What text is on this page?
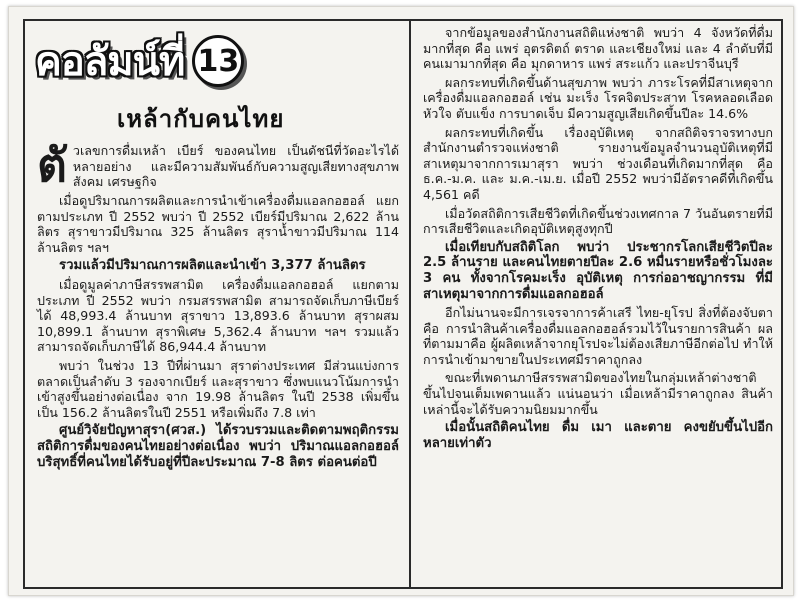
คอลัมน์ที่ 13
เหล้ากับคนไทย
ตั วเลขการดื่มเหล้า เบียร์ ของคนไทย เป็นดัชนีที่วัดอะไรได้หลายอย่าง และมีความสัมพันธ์กับความสูญเสียทางสุขภาพ สังคม เศรษฐกิจ

เมื่อดูปริมาณการผลิตและการนำเข้าเครื่องดื่มแอลกอฮอล์ แยกตามประเภท ปี 2552 พบว่า ปี 2552 เบียร์มีปริมาณ 2,622 ล้านลิตร สุราขาวมีปริมาณ 325 ล้านลิตร สุราน้ำขาวมีปริมาณ 114 ล้านลิตร ฯลฯ

รวมแล้วมีปริมาณการผลิตและนำเข้า 3,377 ล้านลิตร

เมื่อดูมูลค่าภาษีสรรพสามิต เครื่องดื่มแอลกอฮอล์ แยกตามประเภท ปี 2552 พบว่า กรมสรรพสามิต สามารถจัดเก็บภาษีเบียร์ ได้ 48,993.4 ล้านบาท สุราขาว 13,893.6 ล้านบาท สุราผสม 10,899.1 ล้านบาท สุราพิเศษ 5,362.4 ล้านบาท ฯลฯ รวมแล้วสามารถจัดเก็บภาษีได้ 86,944.4 ล้านบาท

พบว่า ในช่วง 13 ปีที่ผ่านมา สุราต่างประเทศ มีส่วนแบ่งการตลาดเป็นลำดับ 3 รองจากเบียร์ และสุราขาว ซึ่งพบแนวโน้มการนำเข้าสูงขึ้นอย่างต่อเนื่อง จาก 19.98 ล้านลิตร ในปี 2538 เพิ่มขึ้นเป็น 156.2 ล้านลิตรในปี 2551 หรือเพิ่มถึง 7.8 เท่า

ศูนย์วิจัยปัญหาสุรา(ศวส.) ได้รวบรวมและติดตามพฤติกรรมสถิติการดื่มของคนไทยอย่างต่อเนื่อง พบว่า ปริมาณแอลกอฮอล์บริสุทธิ์ที่คนไทยได้รับอยู่ที่ปีละประมาณ 7-8 ลิตร ต่อคนต่อปี

จากข้อมูลของสำนักงานสถิติแห่งชาติ พบว่า 4 จังหวัดที่ดื่มมากที่สุด คือ แพร่ อุตรดิตถ์ ตราด และเชียงใหม่ และ 4 ลำดับที่มีคนเมามากที่สุด คือ มุกดาหาร แพร่ สระแก้ว และปราจีนบุรี

ผลกระทบที่เกิดขึ้นด้านสุขภาพ พบว่า ภาระโรคที่มีสาเหตุจากเครื่องดื่มแอลกอฮอล์ เช่น มะเร็ง โรคจิตประสาท โรคหลอดเลือดหัวใจ ตับแข็ง การบาดเจ็บ มีความสูญเสียเกิดขึ้นปีละ 14.6%

ผลกระทบที่เกิดขึ้น เรื่องอุบัติเหตุ จากสถิติจราจรทางบก สำนักงานตำรวจแห่งชาติ รายงานข้อมูลจำนวนอุบัติเหตุที่มีสาเหตุมาจากการเมาสุรา พบว่า ช่วงเดือนที่เกิดมากที่สุด คือ ธ.ค.-ม.ค. และ ม.ค.-เม.ย. เมื่อปี 2552 พบว่ามีอัตราคดีที่เกิดขึ้น 4,561 คดี

เมื่อวัดสถิติการเสียชีวิตที่เกิดขึ้นช่วงเทศกาล 7 วันอันตรายที่มีการเสียชีวิตและเกิดอุบัติเหตุสูงทุกปี

เมื่อเทียบกับสถิติโลก พบว่า ประชากรโลกเสียชีวิตปีละ 2.5 ล้านราย และคนไทยตายปีละ 2.6 หมื่นรายหรือชั่วโมงละ 3 คน ทั้งจากโรคมะเร็ง อุบัติเหตุ การก่ออาชญากรรม ที่มีสาเหตุมาจากการดื่มแอลกอฮอล์

อีกไม่นานจะมีการเจรจาการค้าเสรี ไทย-ยุโรป สิ่งที่ต้องจับตาคือ การนำสินค้าเครื่องดื่มแอลกอฮอล์รวมไว้ในรายการสินค้า ผลที่ตามมาคือ ผู้ผลิตเหล้าจากยุโรปจะไม่ต้องเสียภาษีอีกต่อไป ทำให้การนำเข้ามาขายในประเทศมีราคาถูกลง

ขณะที่เพดานภาษีสรรพสามิตของไทยในกลุ่มเหล้าต่างชาติ ขึ้นไปจนเต็มเพดานแล้ว แน่นอนว่า เมื่อเหล้ามีราคาถูกลง สินค้าเหล่านี้จะได้รับความนิยมมากขึ้น

เมื่อนั้นสถิติคนไทย ดื่ม เมา และตาย คงขยับขึ้นไปอีกหลายเท่าตัว
